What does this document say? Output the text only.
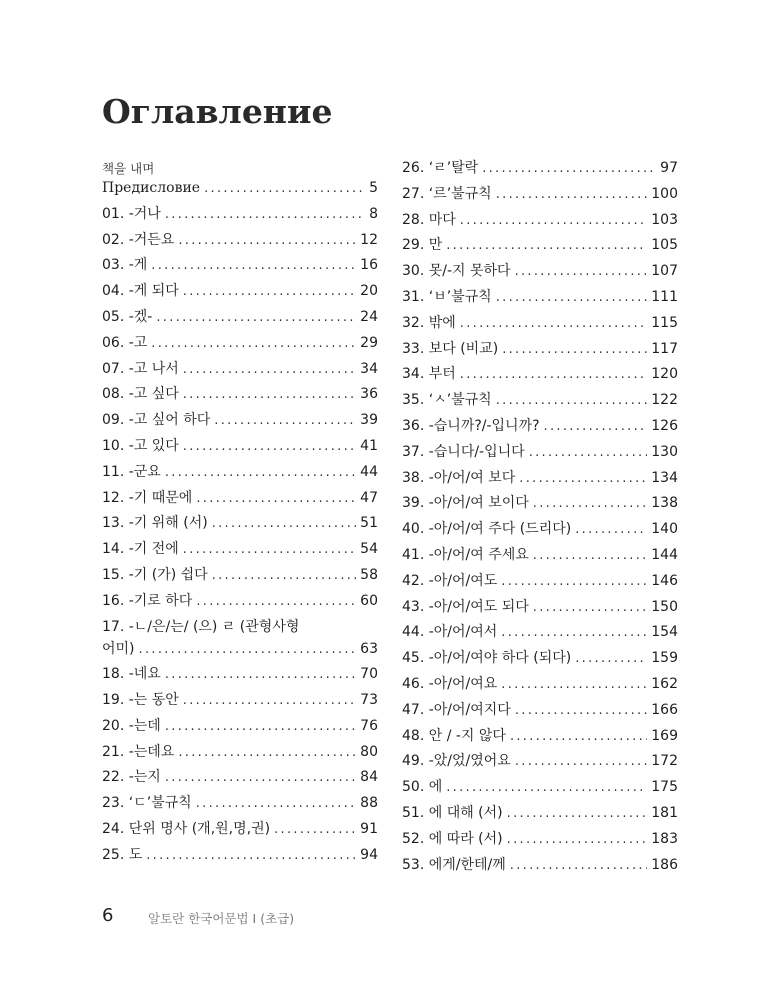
Оглавление
책을 내며
Предисловие .....	5
01. -거나 .....	8
02. -거든요 .....	12
03. -게 .....	16
04. -게 되다 .....	20
05. -겠- .....	24
06. -고 .....	29
07. -고 나서 .....	34
08. -고 싶다 .....	36
09. -고 싶어 하다 .....	39
10. -고 있다 .....	41
11. -군요 .....	44
12. -기 때문에 .....	47
13. -기 위해 (서) .....	51
14. -기 전에 .....	54
15. -기 (가) 쉽다 .....	58
16. -기로 하다 .....	60
17. -ㄴ/은/는/ (으) ㄹ (관형사형
어미) .....	63
18. -네요 .....	70
19. -는 동안 .....	73
20. -는데 .....	76
21. -는데요 .....	80
22. -는지 .....	84
23. ‘ㄷ’불규칙 .....	88
24. 단위 명사 (개,원,명,권) .....	91
25. 도 .....	94
26. ‘ㄹ’탈락 .....	97
27. ‘르’불규칙 .....	100
28. 마다 .....	103
29. 만 .....	105
30. 못/-지 못하다 .....	107
31. ‘ㅂ’불규칙 .....	111
32. 밖에 .....	115
33. 보다 (비교) .....	117
34. 부터 .....	120
35. ‘ㅅ’불규칙 .....	122
36. -습니까?/-입니까? .....	126
37. -습니다/-입니다 .....	130
38. -아/어/여 보다 .....	134
39. -아/어/여 보이다 .....	138
40. -아/어/여 주다 (드리다) .....	140
41. -아/어/여 주세요 .....	144
42. -아/어/여도 .....	146
43. -아/어/여도 되다 .....	150
44. -아/어/여서 .....	154
45. -아/어/여야 하다 (되다) .....	159
46. -아/어/여요 .....	162
47. -아/어/여지다 .....	166
48. 안 / -지 않다 .....	169
49. -았/었/였어요 .....	172
50. 에 .....	175
51. 에 대해 (서) .....	181
52. 에 따라 (서) .....	183
53. 에게/한테/께 .....	186
6	알토란 한국어문법 I (초급)
